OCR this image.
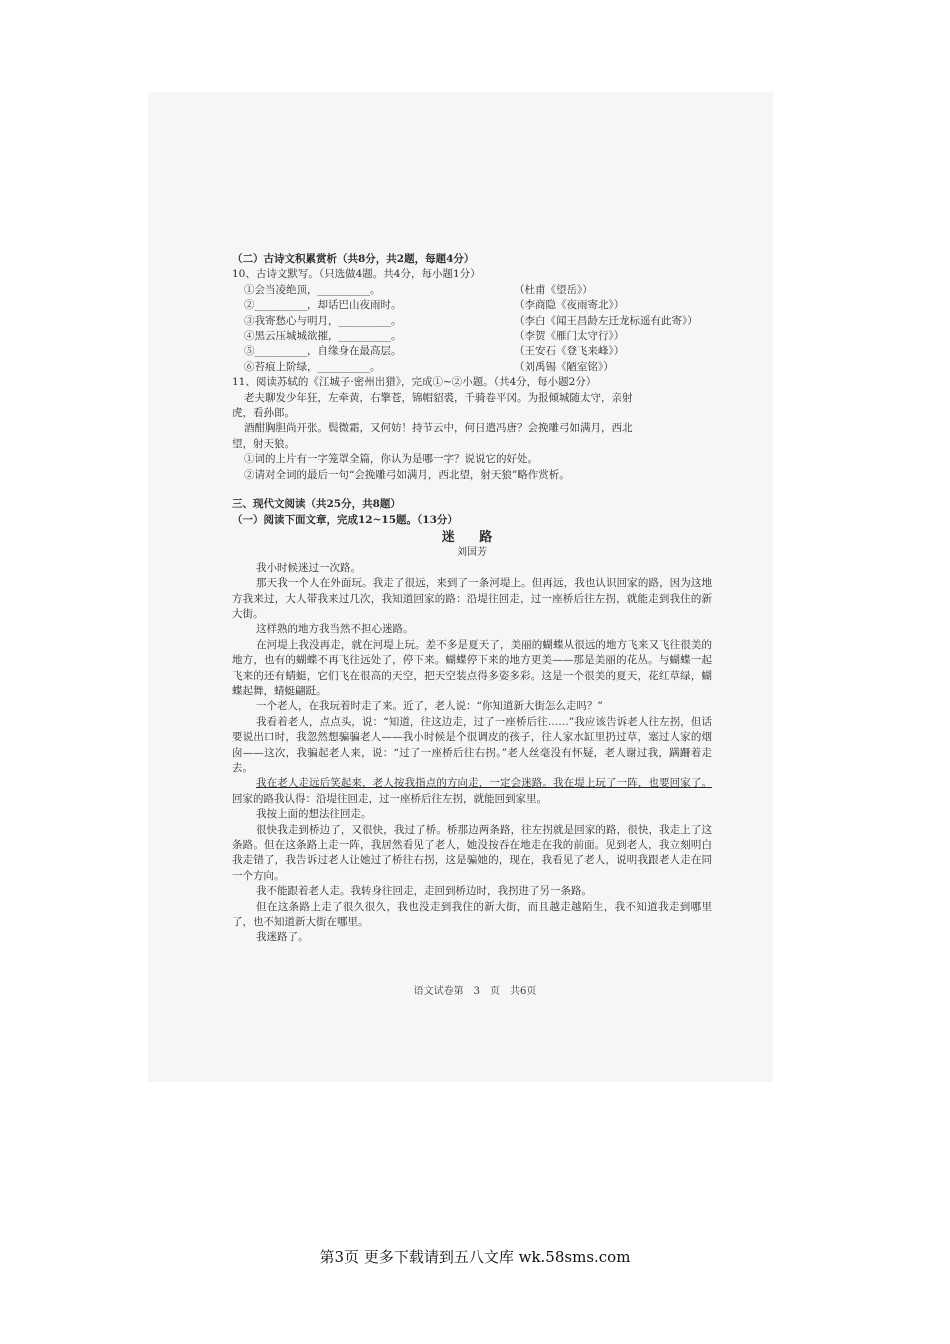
（二）古诗文积累赏析（共8分，共2题，每题4分）
10、古诗文默写。（只选做4题。共4分，每小题1分）
①会当凌绝顶，__________。	（杜甫《望岳》）
②__________，却话巴山夜雨时。	（李商隐《夜雨寄北》）
③我寄愁心与明月，__________。	（李白《闻王昌龄左迁龙标遥有此寄》）
④黑云压城城欲摧，__________。	（李贺《雁门太守行》）
⑤__________，自缘身在最高层。	（王安石《登飞来峰》）
⑥苔痕上阶绿，__________。	（刘禹锡《陋室铭》）
11、阅读苏轼的《江城子·密州出猎》，完成①~②小题。（共4分，每小题2分）
老夫聊发少年狂，左牵黄，右擎苍，锦帽貂裘，千骑卷平冈。为报倾城随太守，亲射
虎，看孙郎。
酒酣胸胆尚开张。鬓微霜，又何妨！持节云中，何日遣冯唐？会挽雕弓如满月，西北
望，射天狼。
①词的上片有一字笼罩全篇，你认为是哪一字？说说它的好处。
②请对全词的最后一句“会挽雕弓如满月，西北望，射天狼”略作赏析。
三、现代文阅读（共25分，共8题）
（一）阅读下面文章，完成12~15题。（13分）
迷 路
刘国芳
我小时候迷过一次路。
那天我一个人在外面玩。我走了很远，来到了一条河堤上。但再远，我也认识回家的路，因为这地方我来过，大人带我来过几次，我知道回家的路：沿堤往回走，过一座桥后往左拐，就能走到我住的新大街。
这样熟的地方我当然不担心迷路。
在河堤上我没再走，就在河堤上玩。差不多是夏天了，美丽的蝴蝶从很远的地方飞来又飞往很美的地方，也有的蝴蝶不再飞往远处了，停下来。蝴蝶停下来的地方更美——那是美丽的花丛。与蝴蝶一起飞来的还有蜻蜓，它们飞在很高的天空，把天空装点得多姿多彩。这是一个很美的夏天，花红草绿，蝴蝶起舞，蜻蜓翩跹。
一个老人，在我玩着时走了来。近了，老人说：“你知道新大街怎么走吗？”
我看着老人，点点头，说：“知道，往这边走，过了一座桥后往……”我应该告诉老人往左拐，但话要说出口时，我忽然想骗骗老人——我小时候是个很调皮的孩子，往人家水缸里扔过草，塞过人家的烟囱——这次，我骗起老人来，说：“过了一座桥后往右拐。”老人丝毫没有怀疑，老人谢过我，蹒跚着走去。
我在老人走远后笑起来，老人按我指点的方向走，一定会迷路。我在堤上玩了一阵，也要回家了。回家的路我认得：沿堤往回走，过一座桥后往左拐，就能回到家里。
我按上面的想法往回走。
很快我走到桥边了，又很快，我过了桥。桥那边两条路，往左拐就是回家的路，很快，我走上了这条路。但在这条路上走一阵，我居然看见了老人，她没按吞在地走在我的前面。见到老人，我立刻明白我走错了，我告诉过老人让她过了桥往右拐，这是骗她的，现在，我看见了老人，说明我跟老人走在同一个方向。
我不能跟着老人走。我转身往回走，走回到桥边时，我拐进了另一条路。
但在这条路上走了很久很久，我也没走到我住的新大街，而且越走越陌生，我不知道我走到哪里了，也不知道新大街在哪里。
我迷路了。
语文试卷第　3　页　共6页
第3页 更多下载请到五八文库 wk.58sms.com
